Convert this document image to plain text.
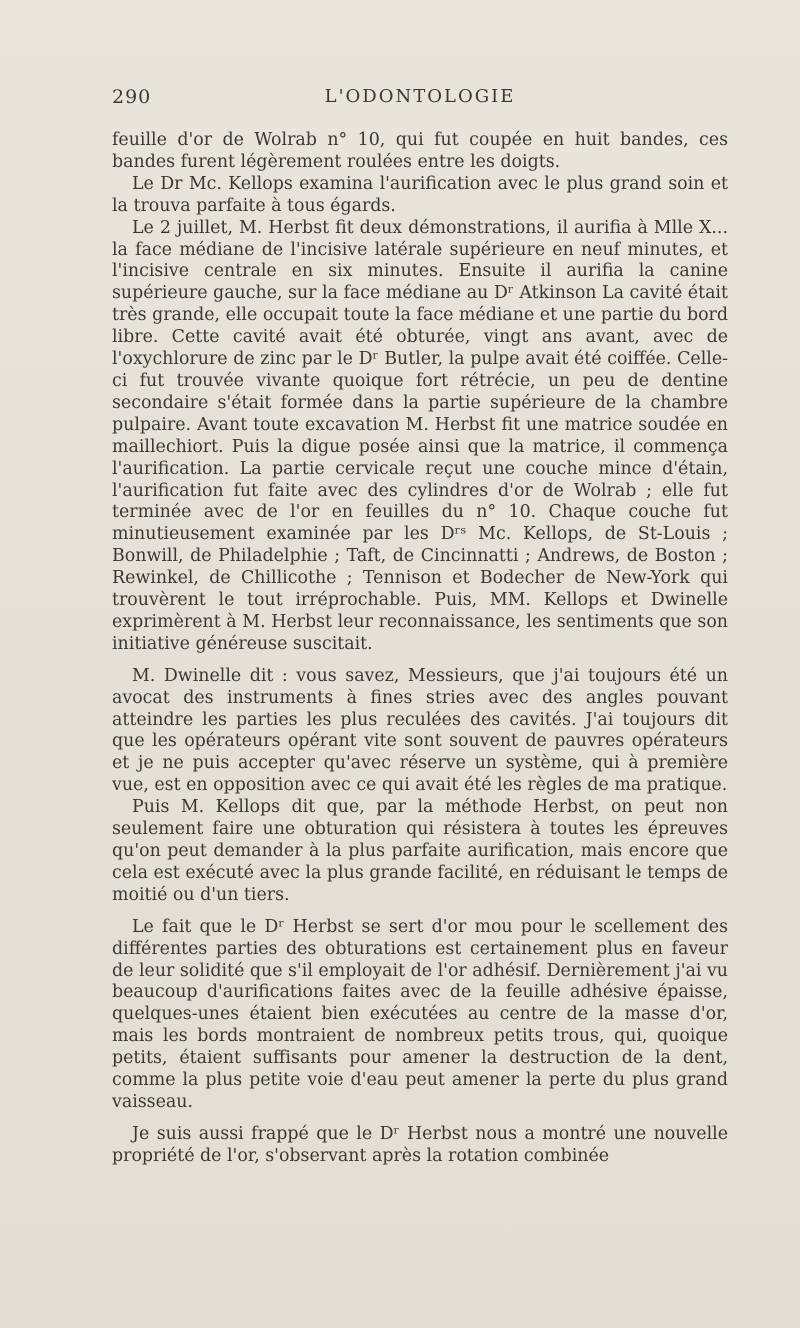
290	L'ODONTOLOGIE

feuille d'or de Wolrab n° 10, qui fut coupée en huit bandes, ces bandes furent légèrement roulées entre les doigts.

Le Dr Mc. Kellops examina l'aurification avec le plus grand soin et la trouva parfaite à tous égards.

Le 2 juillet, M. Herbst fit deux démonstrations, il aurifia à Mlle X... la face médiane de l'incisive latérale supérieure en neuf minutes, et l'incisive centrale en six minutes. Ensuite il aurifia la canine supérieure gauche, sur la face médiane au Dʳ Atkinson La cavité était très grande, elle occupait toute la face médiane et une partie du bord libre. Cette cavité avait été obturée, vingt ans avant, avec de l'oxychlorure de zinc par le Dʳ Butler, la pulpe avait été coiffée. Celle-ci fut trouvée vivante quoique fort rétrécie, un peu de dentine secondaire s'était formée dans la partie supérieure de la chambre pulpaire. Avant toute excavation M. Herbst fit une matrice soudée en maillechiort. Puis la digue posée ainsi que la matrice, il commença l'aurification. La partie cervicale reçut une couche mince d'étain, l'aurification fut faite avec des cylindres d'or de Wolrab ; elle fut terminée avec de l'or en feuilles du n° 10. Chaque couche fut minutieusement examinée par les Dʳˢ Mc. Kellops, de St-Louis ; Bonwill, de Philadelphie ; Taft, de Cincinnatti ; Andrews, de Boston ; Rewinkel, de Chillicothe ; Tennison et Bodecher de New-York qui trouvèrent le tout irréprochable. Puis, MM. Kellops et Dwinelle exprimèrent à M. Herbst leur reconnaissance, les sentiments que son initiative généreuse suscitait.

M. Dwinelle dit : vous savez, Messieurs, que j'ai toujours été un avocat des instruments à fines stries avec des angles pouvant atteindre les parties les plus reculées des cavités. J'ai toujours dit que les opérateurs opérant vite sont souvent de pauvres opérateurs et je ne puis accepter qu'avec réserve un système, qui à première vue, est en opposition avec ce qui avait été les règles de ma pratique.

Puis M. Kellops dit que, par la méthode Herbst, on peut non seulement faire une obturation qui résistera à toutes les épreuves qu'on peut demander à la plus parfaite aurification, mais encore que cela est exécuté avec la plus grande facilité, en réduisant le temps de moitié ou d'un tiers.

Le fait que le Dʳ Herbst se sert d'or mou pour le scellement des différentes parties des obturations est certainement plus en faveur de leur solidité que s'il employait de l'or adhésif. Dernièrement j'ai vu beaucoup d'aurifications faites avec de la feuille adhésive épaisse, quelques-unes étaient bien exécutées au centre de la masse d'or, mais les bords montraient de nombreux petits trous, qui, quoique petits, étaient suffisants pour amener la destruction de la dent, comme la plus petite voie d'eau peut amener la perte du plus grand vaisseau.

Je suis aussi frappé que le Dʳ Herbst nous a montré une nouvelle propriété de l'or, s'observant après la rotation combinée
